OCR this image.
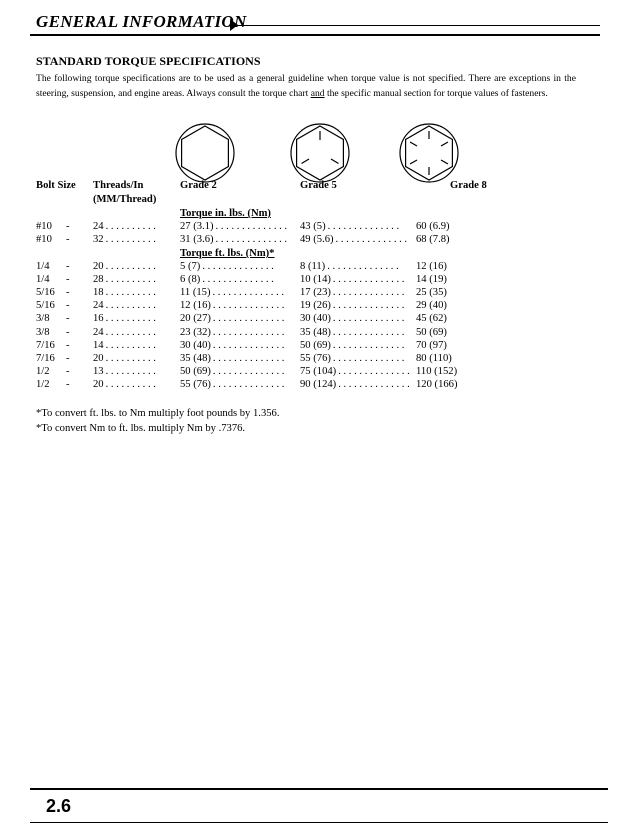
GENERAL INFORMATION
STANDARD TORQUE SPECIFICATIONS

The following torque specifications are to be used as a general guideline when torque value is not specified. There are exceptions in the steering, suspension, and engine areas. Always consult the torque chart and the specific manual section for torque values of fasteners.

Bolt Size Threads/In
(MM/Thread)
Grade 2	Grade 5	Grade 8
Torque in. lbs. (Nm)
#10 - 24 . . . . . . . . . .	27 (3.1) . . . . . . . . . . . . . .	43 (5) . . . . . . . . . . . . . .	60 (6.9)
#10 - 32 . . . . . . . . . .	31 (3.6) . . . . . . . . . . . . . .	49 (5.6) . . . . . . . . . . . . . . 68 (7.8)
Torque ft. lbs. (Nm)*
1/4 - 20 . . . . . . . . . .	5 (7) . . . . . . . . . . . . . .	8 (11) . . . . . . . . . . . . . .	12 (16)
1/4 - 28 . . . . . . . . . .	6 (8) . . . . . . . . . . . . . .	10 (14) . . . . . . . . . . . . . .	14 (19)
5/16 - 18 . . . . . . . . . .	11 (15) . . . . . . . . . . . . . .	17 (23) . . . . . . . . . . . . . .	25 (35)
5/16 - 24 . . . . . . . . . .	12 (16) . . . . . . . . . . . . . .	19 (26) . . . . . . . . . . . . . .	29 (40)
3/8 - 16 . . . . . . . . . .	20 (27) . . . . . . . . . . . . . .	30 (40) . . . . . . . . . . . . . .	45 (62)
3/8 - 24 . . . . . . . . . .	23 (32) . . . . . . . . . . . . . .	35 (48) . . . . . . . . . . . . . .	50 (69)
7/16 - 14 . . . . . . . . . .	30 (40) . . . . . . . . . . . . . .	50 (69) . . . . . . . . . . . . . .	70 (97)
7/16 - 20 . . . . . . . . . .	35 (48) . . . . . . . . . . . . . .	55 (76) . . . . . . . . . . . . . .	80 (110)
1/2 - 13 . . . . . . . . . .	50 (69) . . . . . . . . . . . . . .	75 (104) . . . . . . . . . . . . . . 110 (152)
1/2 - 20 . . . . . . . . . .	55 (76) . . . . . . . . . . . . . .	90 (124) . . . . . . . . . . . . . . 120 (166)
*To convert ft. lbs. to Nm multiply foot pounds by 1.356.
*To convert Nm to ft. lbs. multiply Nm by .7376.
2.6
